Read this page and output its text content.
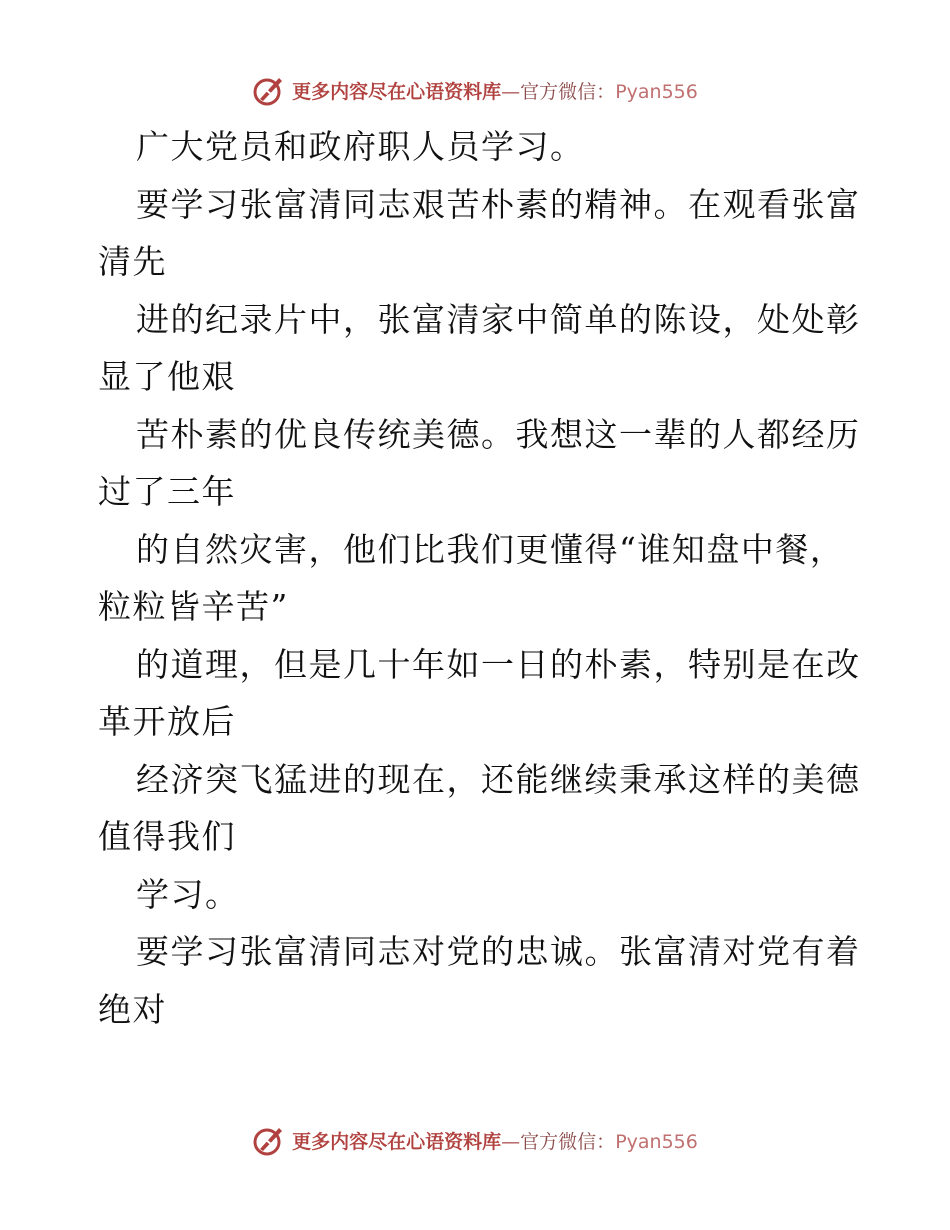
更多内容尽在心语资料库—官方微信：Pyan556
广大党员和政府职人员学习。
要学习张富清同志艰苦朴素的精神。在观看张富
清先
进的纪录片中，张富清家中简单的陈设，处处彰
显了他艰
苦朴素的优良传统美德。我想这一辈的人都经历
过了三年
的自然灾害，他们比我们更懂得“谁知盘中餐，
粒粒皆辛苦”
的道理，但是几十年如一日的朴素，特别是在改
革开放后
经济突飞猛进的现在，还能继续秉承这样的美德
值得我们
学习。
要学习张富清同志对党的忠诚。张富清对党有着
绝对
更多内容尽在心语资料库—官方微信：Pyan556
